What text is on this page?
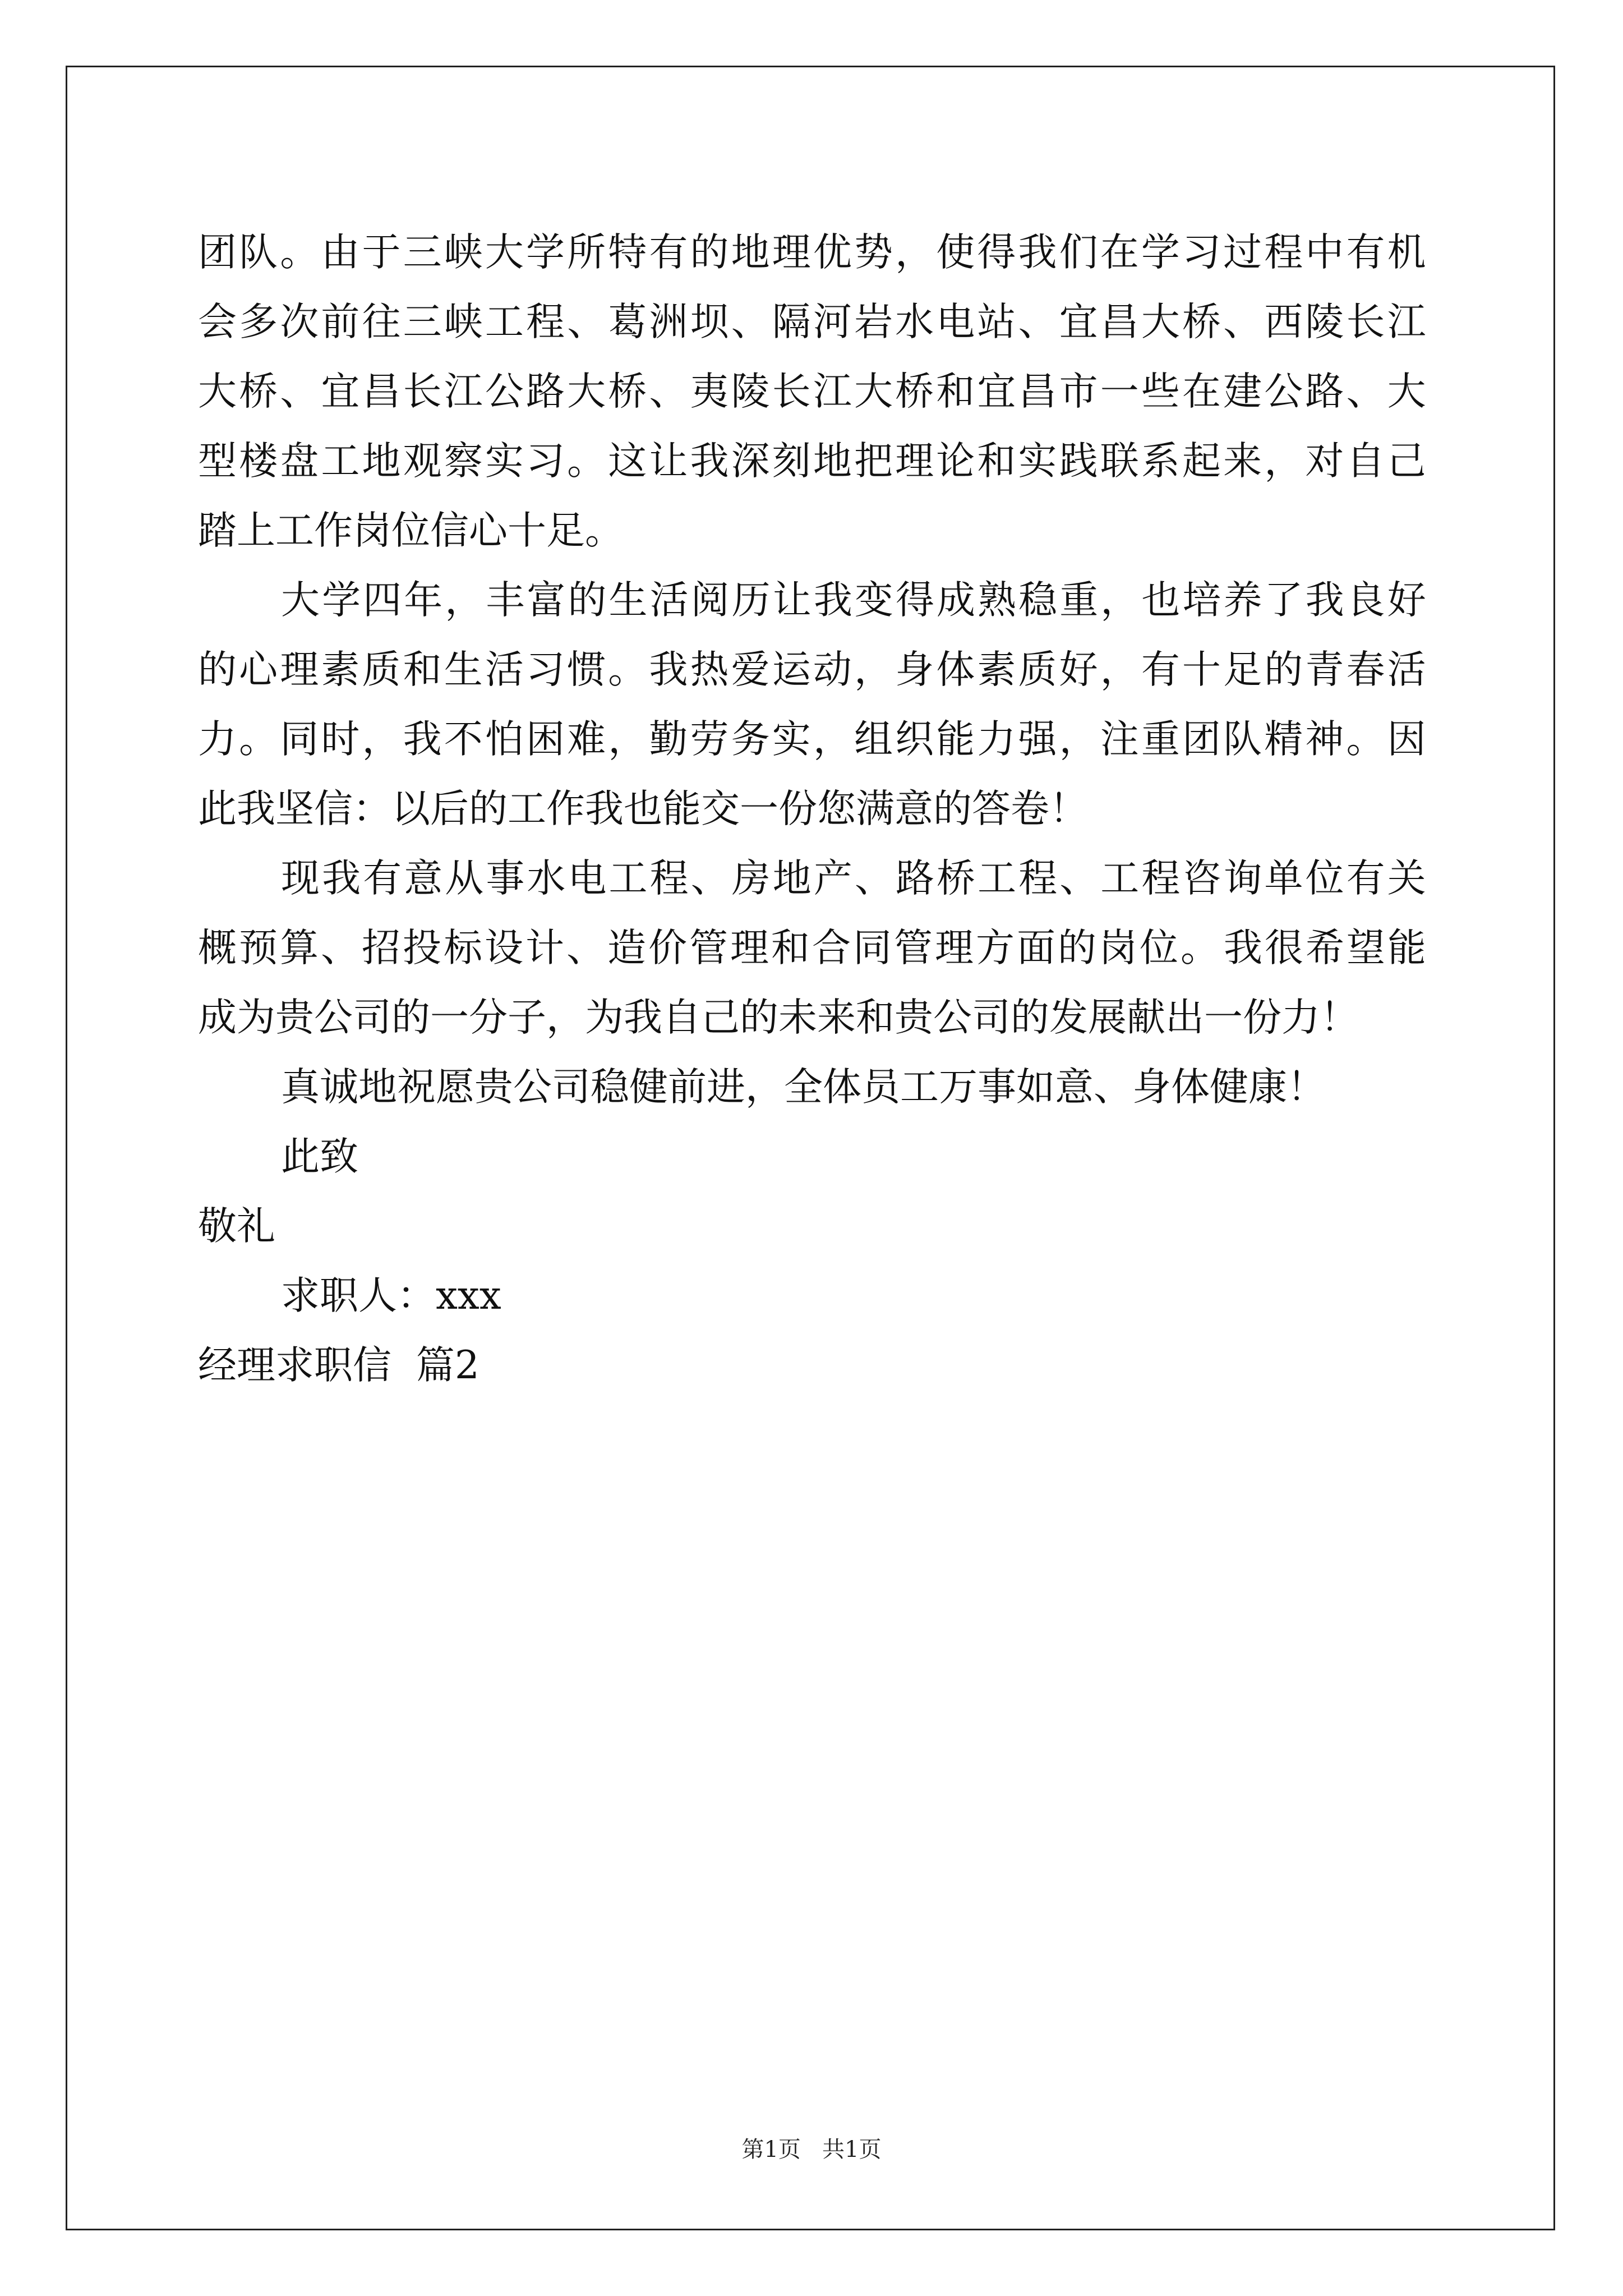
团 队 。 由 于 三 峡 大 学 所 特 有 的 地 理 优 势 ， 使 得 我 们 在 学 习 过 程 中 有 机
会 多 次 前 往 三 峡 工 程 、 葛 洲 坝 、 隔 河 岩 水 电 站 、 宜 昌 大 桥 、 西 陵 长 江
大 桥 、 宜 昌 长 江 公 路 大 桥 、 夷 陵 长 江 大 桥 和 宜 昌 市 一 些 在 建 公 路 、 大
型 楼 盘 工 地 观 察 实 习 。 这 让 我 深 刻 地 把 理 论 和 实 践 联 系 起 来 ， 对 自 己
踏上工作岗位信心十足。
大 学 四 年 ， 丰 富 的 生 活 阅 历 让 我 变 得 成 熟 稳 重 ， 也 培 养 了 我 良 好
的 心 理 素 质 和 生 活 习 惯 。 我 热 爱 运 动 ， 身 体 素 质 好 ， 有 十 足 的 青 春 活
力 。 同 时 ， 我 不 怕 困 难 ， 勤 劳 务 实 ， 组 织 能 力 强 ， 注 重 团 队 精 神 。 因
此我坚信：以后的工作我也能交一份您满意的答卷！
现 我 有 意 从 事 水 电 工 程 、 房 地 产 、 路 桥 工 程 、 工 程 咨 询 单 位 有 关
概 预 算 、 招 投 标 设 计 、 造 价 管 理 和 合 同 管 理 方 面 的 岗 位 。 我 很 希 望 能
成为贵公司的一分子，为我自己的未来和贵公司的发展献出一份力！
真诚地祝愿贵公司稳健前进，全体员工万事如意、身体健康！
此致
敬礼
求职人：xxx
经理求职信  篇2
第1页   共1页
